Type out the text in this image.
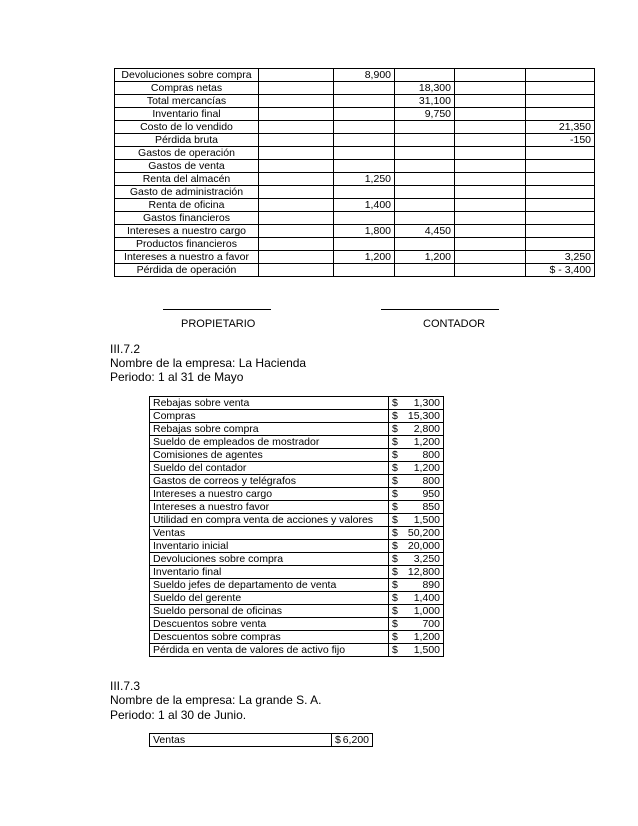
Devoluciones sobre compra		8,900			
Compras netas			18,300		
Total mercancías			31,100		
Inventario final			9,750		
Costo de lo vendido					21,350
Pérdida bruta					-150
Gastos de operación					
Gastos de venta					
Renta del almacén		1,250			
Gasto de administración					
Renta de oficina		1,400			
Gastos financieros					
Intereses a nuestro cargo		1,800	4,450		
Productos financieros					
Intereses a nuestro a favor		1,200	1,200		3,250
Pérdida de operación					$ - 3,400
PROPIETARIO	CONTADOR
III.7.2
Nombre de la empresa: La Hacienda
Periodo: 1 al 31 de Mayo
Rebajas sobre venta	$ 1,300

Compras	$ 15,300

Rebajas sobre compra	$ 2,800

Sueldo de empleados de mostrador	$ 1,200

Comisiones de agentes	$ 800

Sueldo del contador	$ 1,200

Gastos de correos y telégrafos	$ 800

Intereses a nuestro cargo	$ 950

Intereses a nuestro favor	$ 850

Utilidad en compra venta de acciones y valores	$ 1,500

Ventas	$ 50,200

Inventario inicial	$ 20,000

Devoluciones sobre compra	$ 3,250

Inventario final	$ 12,800

Sueldo jefes de departamento de venta	$ 890

Sueldo del gerente	$ 1,400

Sueldo personal de oficinas	$ 1,000

Descuentos sobre venta	$ 700

Descuentos sobre compras	$ 1,200

Pérdida en venta de valores de activo fijo	$ 1,500
III.7.3
Nombre de la empresa: La grande S. A.
Periodo: 1 al 30 de Junio.
Ventas	$ 6,200
